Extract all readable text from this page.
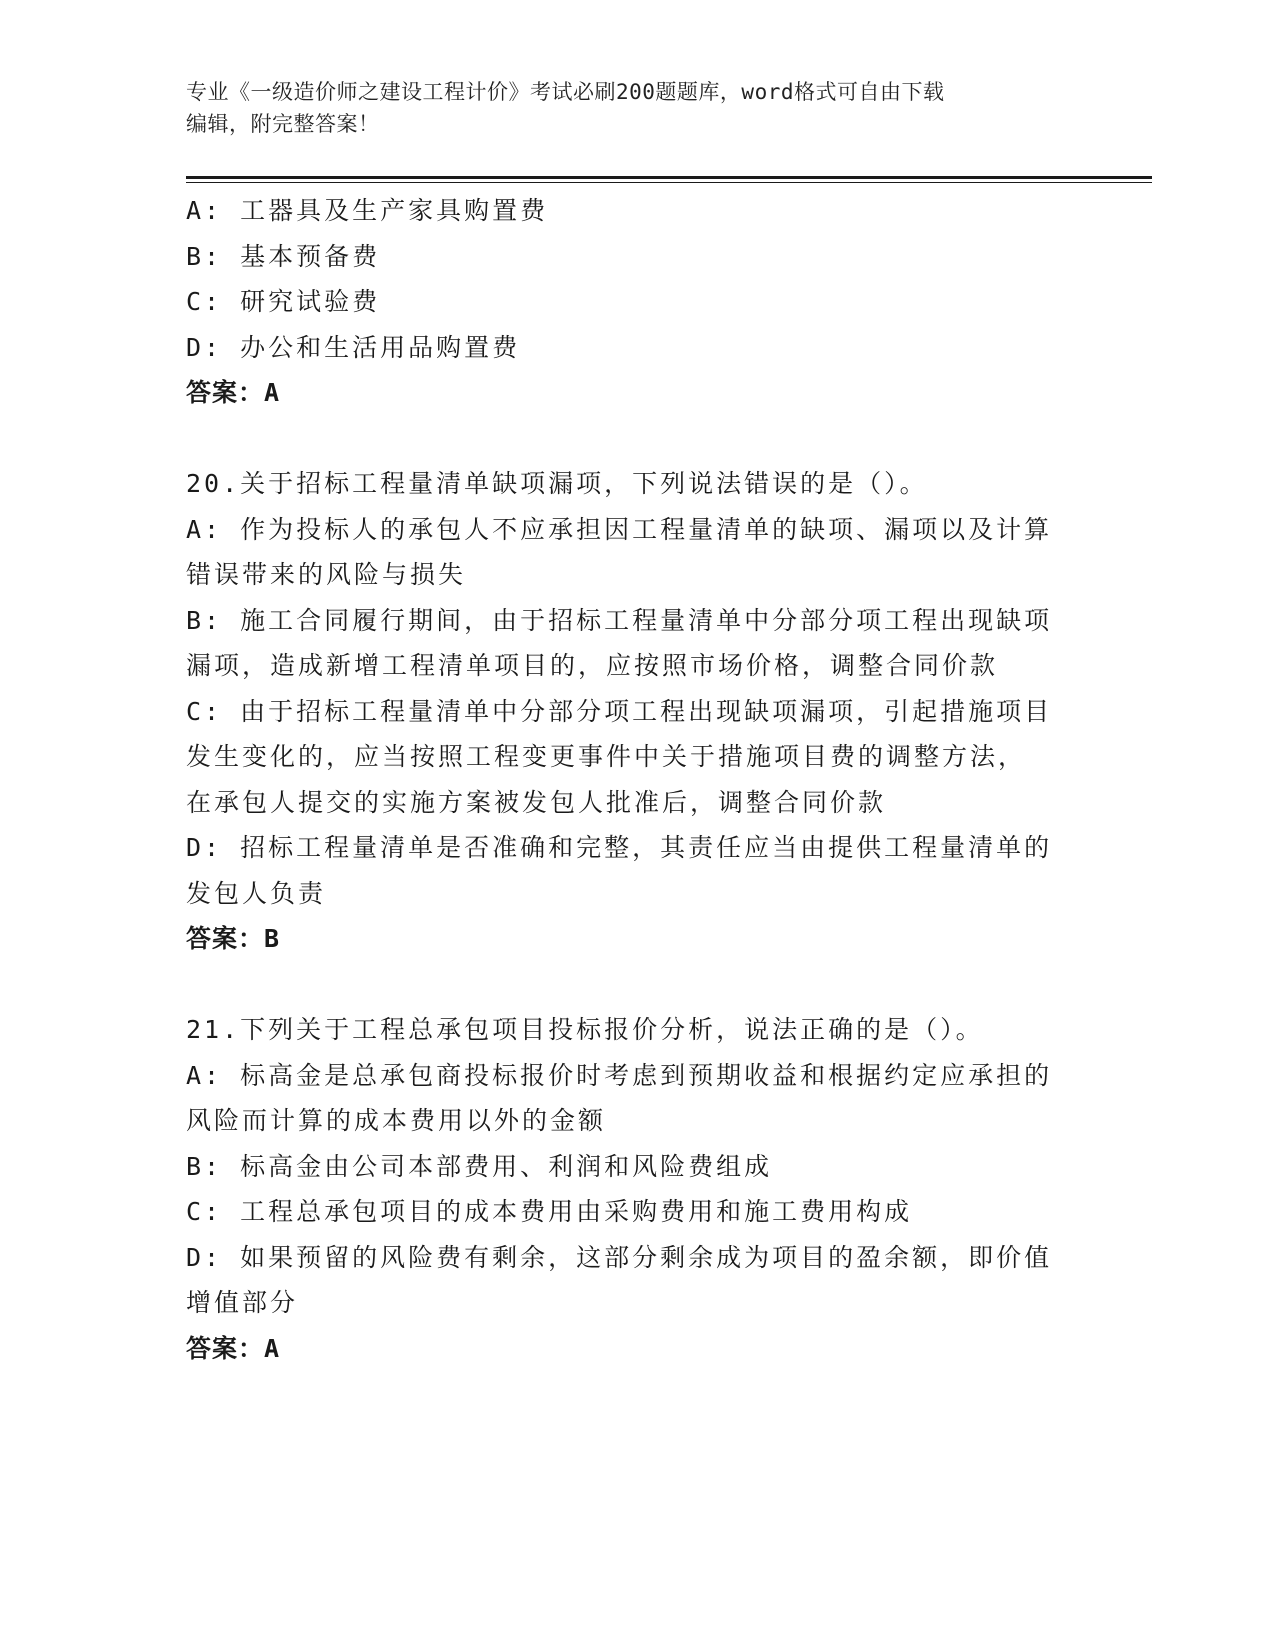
专业《一级造价师之建设工程计价》考试必刷200题题库，word格式可自由下载
编辑，附完整答案！
A: 工器具及生产家具购置费
B: 基本预备费
C: 研究试验费
D: 办公和生活用品购置费
答案：A
20.关于招标工程量清单缺项漏项，下列说法错误的是（）。
A: 作为投标人的承包人不应承担因工程量清单的缺项、漏项以及计算
错误带来的风险与损失
B: 施工合同履行期间，由于招标工程量清单中分部分项工程出现缺项
漏项，造成新增工程清单项目的，应按照市场价格，调整合同价款
C: 由于招标工程量清单中分部分项工程出现缺项漏项，引起措施项目
发生变化的，应当按照工程变更事件中关于措施项目费的调整方法，
在承包人提交的实施方案被发包人批准后，调整合同价款
D: 招标工程量清单是否准确和完整，其责任应当由提供工程量清单的
发包人负责
答案：B
21.下列关于工程总承包项目投标报价分析，说法正确的是（）。
A: 标高金是总承包商投标报价时考虑到预期收益和根据约定应承担的
风险而计算的成本费用以外的金额
B: 标高金由公司本部费用、利润和风险费组成
C: 工程总承包项目的成本费用由采购费用和施工费用构成
D: 如果预留的风险费有剩余，这部分剩余成为项目的盈余额，即价值
增值部分
答案：A
